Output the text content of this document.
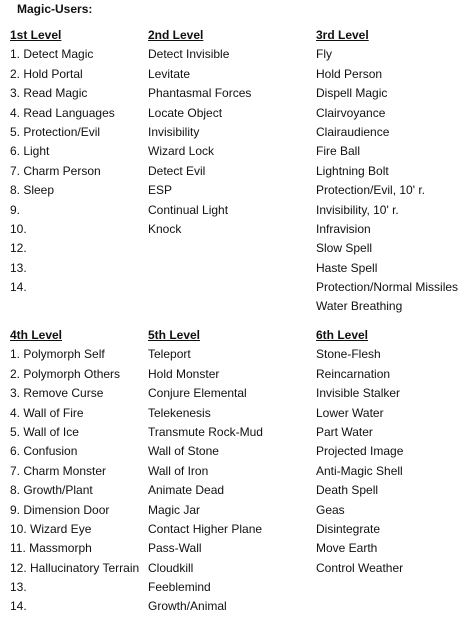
Magic-Users:
1st Level
1. Detect Magic
2. Hold Portal
3. Read Magic
4. Read Languages
5. Protection/Evil
6. Light
7. Charm Person
8. Sleep
9.
10.
12.
13.
14.
2nd Level
Detect Invisible
Levitate
Phantasmal Forces
Locate Object
Invisibility
Wizard Lock
Detect Evil
ESP
Continual Light
Knock
3rd Level
Fly
Hold Person
Dispell Magic
Clairvoyance
Clairaudience
Fire Ball
Lightning Bolt
Protection/Evil, 10' r.
Invisibility, 10' r.
Infravision
Slow Spell
Haste Spell
Protection/Normal Missiles
Water Breathing
4th Level
1. Polymorph Self
2. Polymorph Others
3. Remove Curse
4. Wall of Fire
5. Wall of Ice
6. Confusion
7. Charm Monster
8. Growth/Plant
9. Dimension Door
10. Wizard Eye
11. Massmorph
12. Hallucinatory Terrain
13.
14.
5th Level
Teleport
Hold Monster
Conjure Elemental
Telekenesis
Transmute Rock-Mud
Wall of Stone
Wall of Iron
Animate Dead
Magic Jar
Contact Higher Plane
Pass-Wall
Cloudkill
Feeblemind
Growth/Animal
6th Level
Stone-Flesh
Reincarnation
Invisible Stalker
Lower Water
Part Water
Projected Image
Anti-Magic Shell
Death Spell
Geas
Disintegrate
Move Earth
Control Weather
